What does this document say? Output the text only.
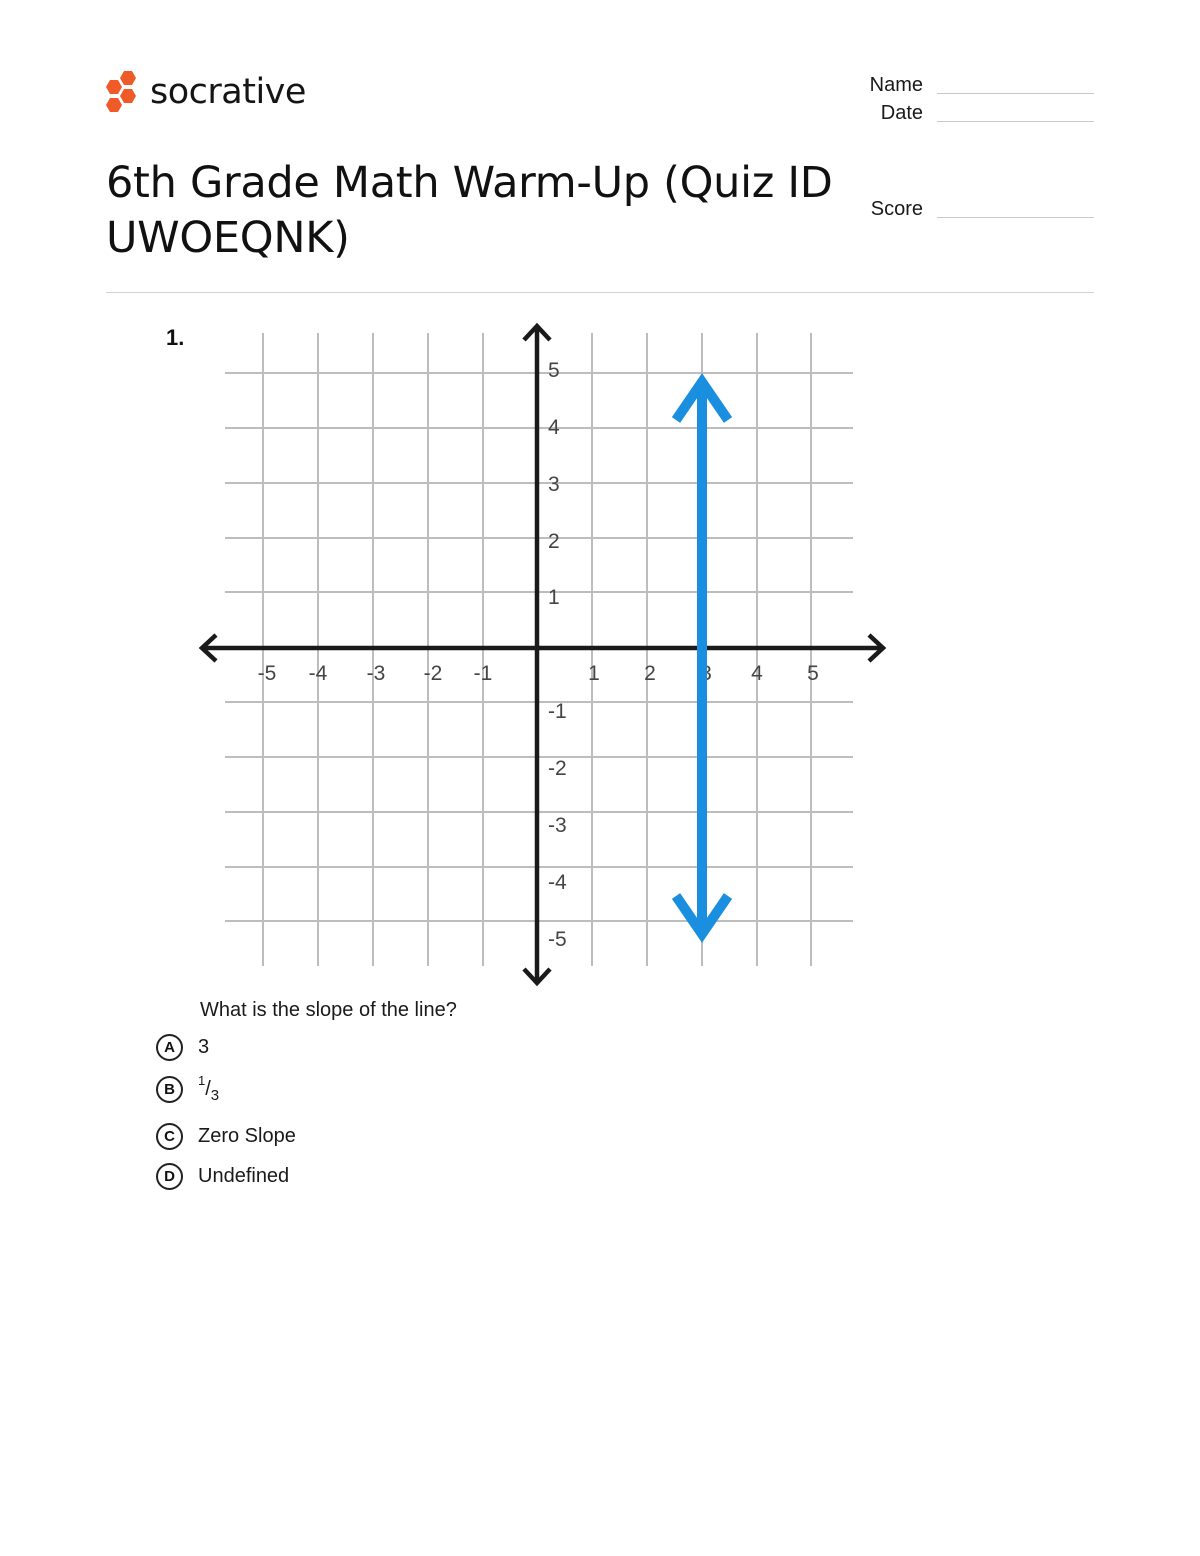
socrative	Name
Date
Score
6th Grade Math Warm-Up (Quiz ID UWOEQNK)
1.
-5 -4 -3 -2 -1	1 2 3 4 5
5
4
3
2
1
-1
-2
-3
-4
-5
What is the slope of the line?
A	3
B
$^1/_3$
C	Zero Slope
D	Undefined
